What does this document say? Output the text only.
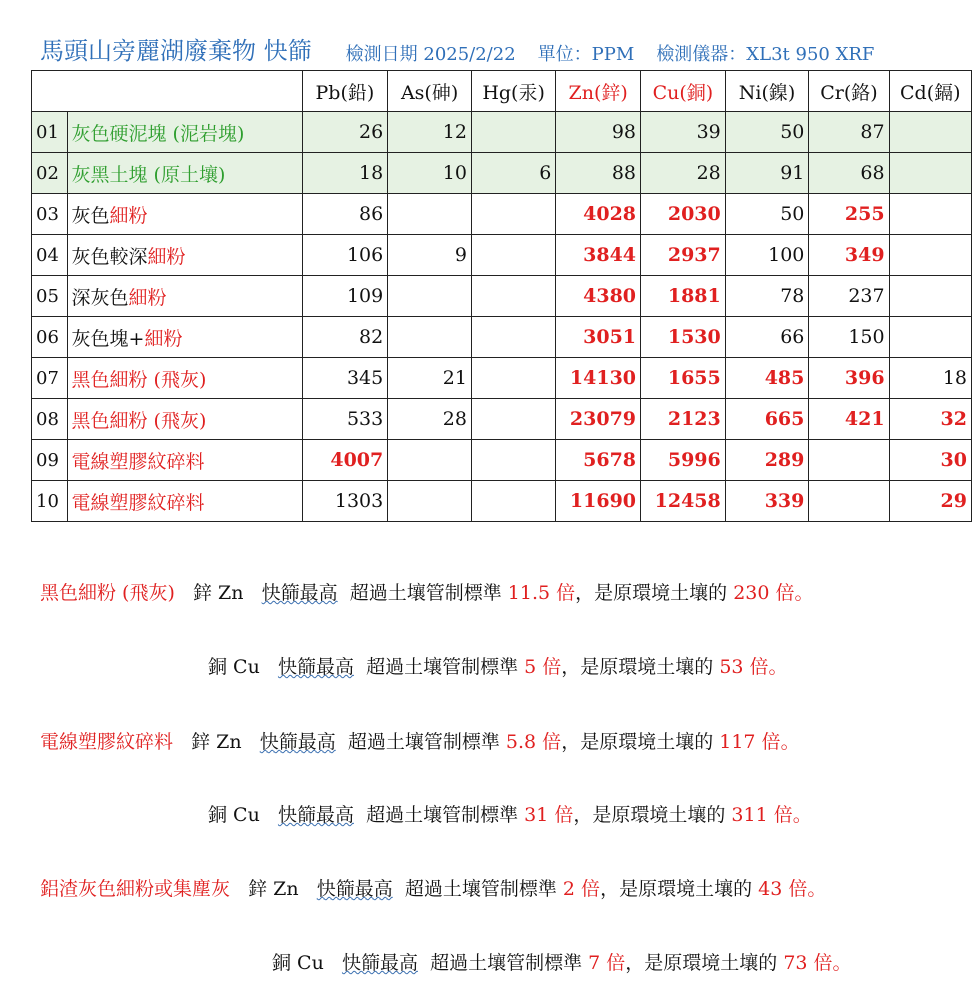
馬頭山旁麗湖廢棄物 快篩 檢測日期 2025/2/22 單位：PPM 檢測儀器：XL3t 950 XRF
		Pb(鉛)	As(砷)	Hg(汞)	Zn(鋅)	Cu(銅)	Ni(鎳)	Cr(鉻)	Cd(鎘)
01	灰色硬泥塊 (泥岩塊)	26	12		98	39	50	87	
02	灰黑土塊 (原土壤)	18	10	6	88	28	91	68	
03	灰色細粉	86			4028	2030	50	255	
04	灰色較深細粉	106	9		3844	2937	100	349	
05	深灰色細粉	109			4380	1881	78	237	
06	灰色塊+細粉	82			3051	1530	66	150	
07	黑色細粉 (飛灰)	345	21		14130	1655	485	396	18
08	黑色細粉 (飛灰)	533	28		23079	2123	665	421	32
09	電線塑膠紋碎料	4007			5678	5996	289		30
10	電線塑膠紋碎料	1303			11690	12458	339		29
黑色細粉 (飛灰) 鋅 Zn 快篩最高 超過土壤管制標準 11.5 倍，是原環境土壤的 230 倍。
銅 Cu 快篩最高 超過土壤管制標準 5 倍，是原環境土壤的 53 倍。
電線塑膠紋碎料 鋅 Zn 快篩最高 超過土壤管制標準 5.8 倍，是原環境土壤的 117 倍。
銅 Cu 快篩最高 超過土壤管制標準 31 倍，是原環境土壤的 311 倍。
鋁渣灰色細粉或集塵灰 鋅 Zn 快篩最高 超過土壤管制標準 2 倍，是原環境土壤的 43 倍。
銅 Cu 快篩最高 超過土壤管制標準 7 倍，是原環境土壤的 73 倍。
